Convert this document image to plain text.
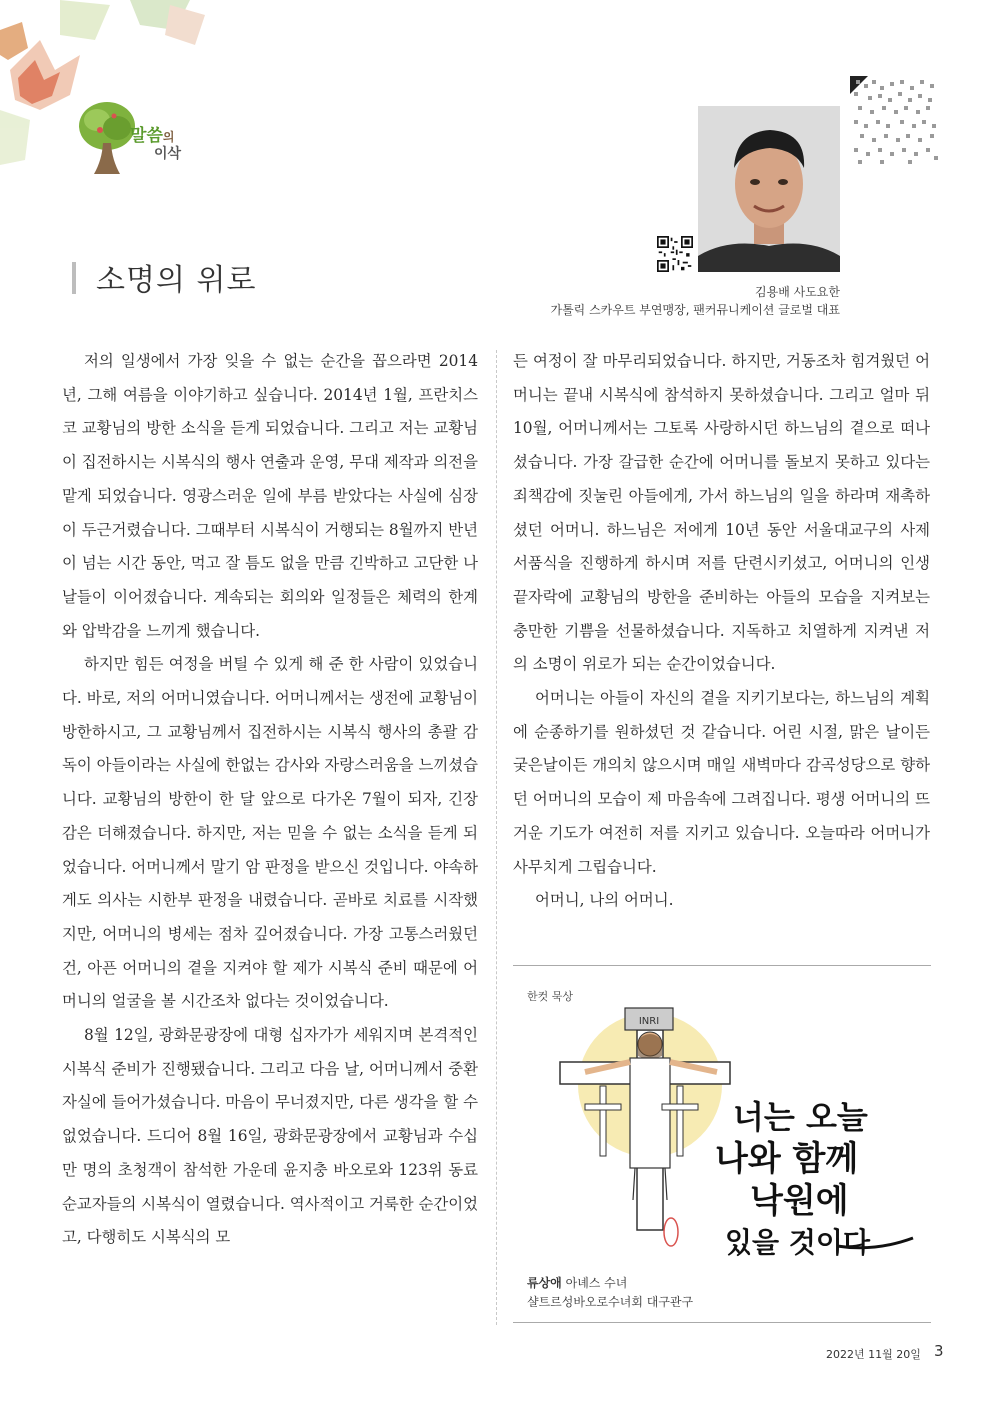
말씀의
이삭
소명의 위로	김용배 사도요한
가톨릭 스카우트 부연맹장, 팬커뮤니케이션 글로벌 대표

저의 일생에서 가장 잊을 수 없는 순간을 꼽으라면 2014년, 그해 여름을 이야기하고 싶습니다. 2014년 1월, 프란치스코 교황님의 방한 소식을 듣게 되었습니다. 그리고 저는 교황님이 집전하시는 시복식의 행사 연출과 운영, 무대 제작과 의전을 맡게 되었습니다. 영광스러운 일에 부름 받았다는 사실에 심장이 두근거렸습니다. 그때부터 시복식이 거행되는 8월까지 반년이 넘는 시간 동안, 먹고 잘 틈도 없을 만큼 긴박하고 고단한 나날들이 이어졌습니다. 계속되는 회의와 일정들은 체력의 한계와 압박감을 느끼게 했습니다.

하지만 힘든 여정을 버틸 수 있게 해 준 한 사람이 있었습니다. 바로, 저의 어머니였습니다. 어머니께서는 생전에 교황님이 방한하시고, 그 교황님께서 집전하시는 시복식 행사의 총괄 감독이 아들이라는 사실에 한없는 감사와 자랑스러움을 느끼셨습니다. 교황님의 방한이 한 달 앞으로 다가온 7월이 되자, 긴장감은 더해졌습니다. 하지만, 저는 믿을 수 없는 소식을 듣게 되었습니다. 어머니께서 말기 암 판정을 받으신 것입니다. 야속하게도 의사는 시한부 판정을 내렸습니다. 곧바로 치료를 시작했지만, 어머니의 병세는 점차 깊어졌습니다. 가장 고통스러웠던 건, 아픈 어머니의 곁을 지켜야 할 제가 시복식 준비 때문에 어머니의 얼굴을 볼 시간조차 없다는 것이었습니다.

8월 12일, 광화문광장에 대형 십자가가 세워지며 본격적인 시복식 준비가 진행됐습니다. 그리고 다음 날, 어머니께서 중환자실에 들어가셨습니다. 마음이 무너졌지만, 다른 생각을 할 수 없었습니다. 드디어 8월 16일, 광화문광장에서 교황님과 수십만 명의 초청객이 참석한 가운데 윤지충 바오로와 123위 동료 순교자들의 시복식이 열렸습니다. 역사적이고 거룩한 순간이었고, 다행히도 시복식의 모

든 여정이 잘 마무리되었습니다. 하지만, 거동조차 힘겨웠던 어머니는 끝내 시복식에 참석하지 못하셨습니다. 그리고 얼마 뒤 10월, 어머니께서는 그토록 사랑하시던 하느님의 곁으로 떠나셨습니다. 가장 갈급한 순간에 어머니를 돌보지 못하고 있다는 죄책감에 짓눌린 아들에게, 가서 하느님의 일을 하라며 재촉하셨던 어머니. 하느님은 저에게 10년 동안 서울대교구의 사제 서품식을 진행하게 하시며 저를 단련시키셨고, 어머니의 인생 끝자락에 교황님의 방한을 준비하는 아들의 모습을 지켜보는 충만한 기쁨을 선물하셨습니다. 지독하고 치열하게 지켜낸 저의 소명이 위로가 되는 순간이었습니다.

어머니는 아들이 자신의 곁을 지키기보다는, 하느님의 계획에 순종하기를 원하셨던 것 같습니다. 어린 시절, 맑은 날이든 궂은날이든 개의치 않으시며 매일 새벽마다 감곡성당으로 향하던 어머니의 모습이 제 마음속에 그려집니다. 평생 어머니의 뜨거운 기도가 여전히 저를 지키고 있습니다. 오늘따라 어머니가 사무치게 그립습니다.

어머니, 나의 어머니.

한컷 묵상
INRI
너는 오늘
나와 함께
낙원에
있을 것이다
류상애 아녜스 수녀
샬트르성바오로수녀회 대구관구
2022년 11월 20일 3
